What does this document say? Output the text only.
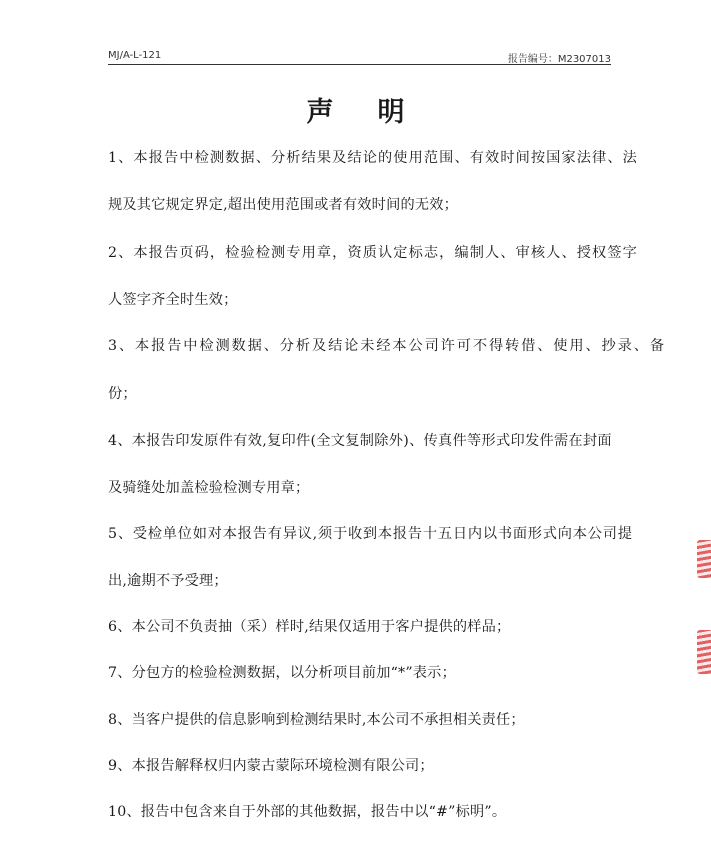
MJ/A-L-121	报告编号：M2307013
声明
1、本报告中检测数据、分析结果及结论的使用范围、有效时间按国家法律、法
规及其它规定界定,超出使用范围或者有效时间的无效；
2、本报告页码，检验检测专用章，资质认定标志，编制人、审核人、授权签字
人签字齐全时生效；
3、本报告中检测数据、分析及结论未经本公司许可不得转借、使用、抄录、备
份；
4、本报告印发原件有效,复印件(全文复制除外)、传真件等形式印发件需在封面
及骑缝处加盖检验检测专用章；
5、受检单位如对本报告有异议,须于收到本报告十五日内以书面形式向本公司提
出,逾期不予受理；
6、本公司不负责抽（采）样时,结果仅适用于客户提供的样品；
7、分包方的检验检测数据，以分析项目前加“*”表示；
8、当客户提供的信息影响到检测结果时,本公司不承担相关责任；
9、本报告解释权归内蒙古蒙际环境检测有限公司；
10、报告中包含来自于外部的其他数据，报告中以“#”标明”。
